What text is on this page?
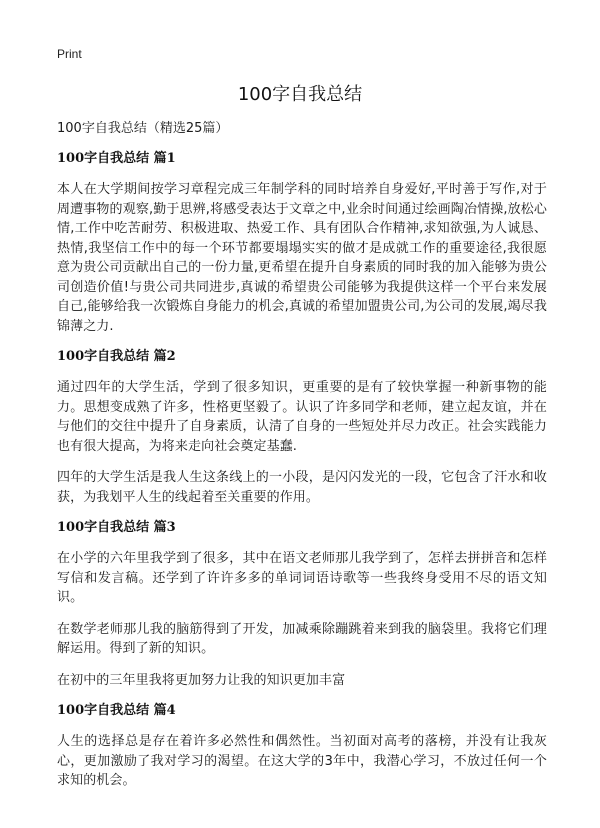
Print
100字自我总结

100字自我总结（精选25篇）

100字自我总结 篇1

本人在大学期间按学习章程完成三年制学科的同时培养自身爱好,平时善于写作,对于周遭事物的观察,勤于思辨,将感受表达于文章之中,业余时间通过绘画陶冶情操,放松心情,工作中吃苦耐劳、积极进取、热爱工作、具有团队合作精神,求知欲强,为人诚恳、热情,我坚信工作中的每一个环节都要塌塌实实的做才是成就工作的重要途径,我很愿意为贵公司贡献出自己的一份力量,更希望在提升自身素质的同时我的加入能够为贵公司创造价值!与贵公司共同进步,真诚的希望贵公司能够为我提供这样一个平台来发展自己,能够给我一次锻炼自身能力的机会,真诚的希望加盟贵公司,为公司的发展,竭尽我锦薄之力.

100字自我总结 篇2

通过四年的大学生活，学到了很多知识，更重要的是有了较快掌握一种新事物的能力。思想变成熟了许多，性格更坚毅了。认识了许多同学和老师，建立起友谊，并在与他们的交往中提升了自身素质，认清了自身的一些短处并尽力改正。社会实践能力也有很大提高，为将来走向社会奠定基蠢.

四年的大学生活是我人生这条线上的一小段，是闪闪发光的一段，它包含了汗水和收获，为我划平人生的线起着至关重要的作用。

100字自我总结 篇3

在小学的六年里我学到了很多，其中在语文老师那儿我学到了，怎样去拼拼音和怎样写信和发言稿。还学到了许许多多的单词词语诗歌等一些我终身受用不尽的语文知识。

在数学老师那儿我的脑筋得到了开发，加减乘除蹦跳着来到我的脑袋里。我将它们理解运用。得到了新的知识。

在初中的三年里我将更加努力让我的知识更加丰富

100字自我总结 篇4

人生的选择总是存在着许多必然性和偶然性。当初面对高考的落榜，并没有让我灰心，更加激励了我对学习的渴望。在这大学的3年中，我潜心学习，不放过任何一个求知的机会。
